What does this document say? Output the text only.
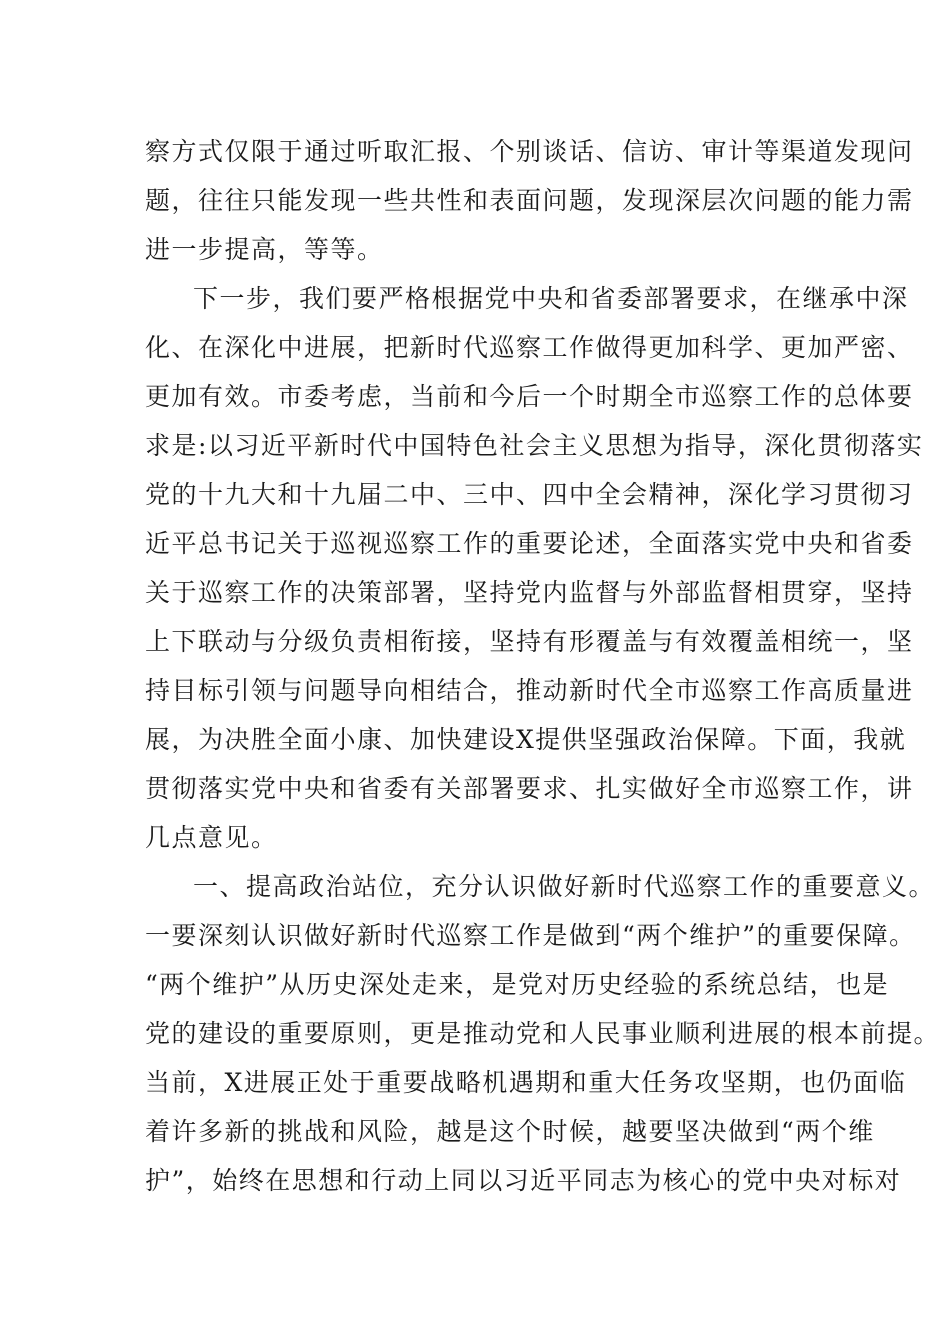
察方式仅限于通过听取汇报、个别谈话、信访、审计等渠道发现问
题，往往只能发现一些共性和表面问题，发现深层次问题的能力需
进一步提高，等等。
下一步，我们要严格根据党中央和省委部署要求，在继承中深
化、在深化中进展，把新时代巡察工作做得更加科学、更加严密、
更加有效。市委考虑，当前和今后一个时期全市巡察工作的总体要
求是:以习近平新时代中国特色社会主义思想为指导，深化贯彻落实
党的十九大和十九届二中、三中、四中全会精神，深化学习贯彻习
近平总书记关于巡视巡察工作的重要论述，全面落实党中央和省委
关于巡察工作的决策部署，坚持党内监督与外部监督相贯穿，坚持
上下联动与分级负责相衔接，坚持有形覆盖与有效覆盖相统一，坚
持目标引领与问题导向相结合，推动新时代全市巡察工作高质量进
展，为决胜全面小康、加快建设X提供坚强政治保障。下面，我就
贯彻落实党中央和省委有关部署要求、扎实做好全市巡察工作，讲
几点意见。
一、提高政治站位，充分认识做好新时代巡察工作的重要意义。
一要深刻认识做好新时代巡察工作是做到“两个维护”的重要保障。
“两个维护”从历史深处走来，是党对历史经验的系统总结，也是
党的建设的重要原则，更是推动党和人民事业顺利进展的根本前提。
当前，X进展正处于重要战略机遇期和重大任务攻坚期，也仍面临
着许多新的挑战和风险，越是这个时候，越要坚决做到“两个维
护”，始终在思想和行动上同以习近平同志为核心的党中央对标对
